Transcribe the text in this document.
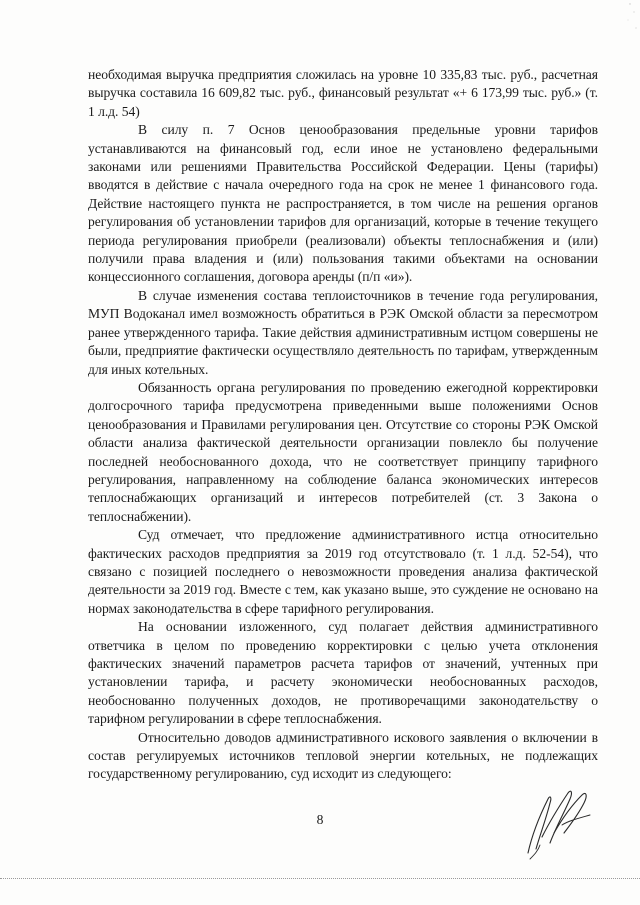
необходимая выручка предприятия сложилась на уровне 10 335,83 тыс. руб., расчетная выручка составила 16 609,82 тыс. руб., финансовый результат «+ 6 173,99 тыс. руб.» (т. 1 л.д. 54)

В силу п. 7 Основ ценообразования предельные уровни тарифов устанавливаются на финансовый год, если иное не установлено федеральными законами или решениями Правительства Российской Федерации. Цены (тарифы) вводятся в действие с начала очередного года на срок не менее 1 финансового года. Действие настоящего пункта не распространяется, в том числе на решения органов регулирования об установлении тарифов для организаций, которые в течение текущего периода регулирования приобрели (реализовали) объекты теплоснабжения и (или) получили права владения и (или) пользования такими объектами на основании концессионного соглашения, договора аренды (п/п «и»).

В случае изменения состава теплоисточников в течение года регулирования, МУП Водоканал имел возможность обратиться в РЭК Омской области за пересмотром ранее утвержденного тарифа. Такие действия административным истцом совершены не были, предприятие фактически осуществляло деятельность по тарифам, утвержденным для иных котельных.

Обязанность органа регулирования по проведению ежегодной корректировки долгосрочного тарифа предусмотрена приведенными выше положениями Основ ценообразования и Правилами регулирования цен. Отсутствие со стороны РЭК Омской области анализа фактической деятельности организации повлекло бы получение последней необоснованного дохода, что не соответствует принципу тарифного регулирования, направленному на соблюдение баланса экономических интересов теплоснабжающих организаций и интересов потребителей (ст. 3 Закона о теплоснабжении).

Суд отмечает, что предложение административного истца относительно фактических расходов предприятия за 2019 год отсутствовало (т. 1 л.д. 52-54), что связано с позицией последнего о невозможности проведения анализа фактической деятельности за 2019 год. Вместе с тем, как указано выше, это суждение не основано на нормах законодательства в сфере тарифного регулирования.

На основании изложенного, суд полагает действия административного ответчика в целом по проведению корректировки с целью учета отклонения фактических значений параметров расчета тарифов от значений, учтенных при установлении тарифа, и расчету экономически необоснованных расходов, необоснованно полученных доходов, не противоречащими законодательству о тарифном регулировании в сфере теплоснабжения.

Относительно доводов административного искового заявления о включении в состав регулируемых источников тепловой энергии котельных, не подлежащих государственному регулированию, суд исходит из следующего:

8
